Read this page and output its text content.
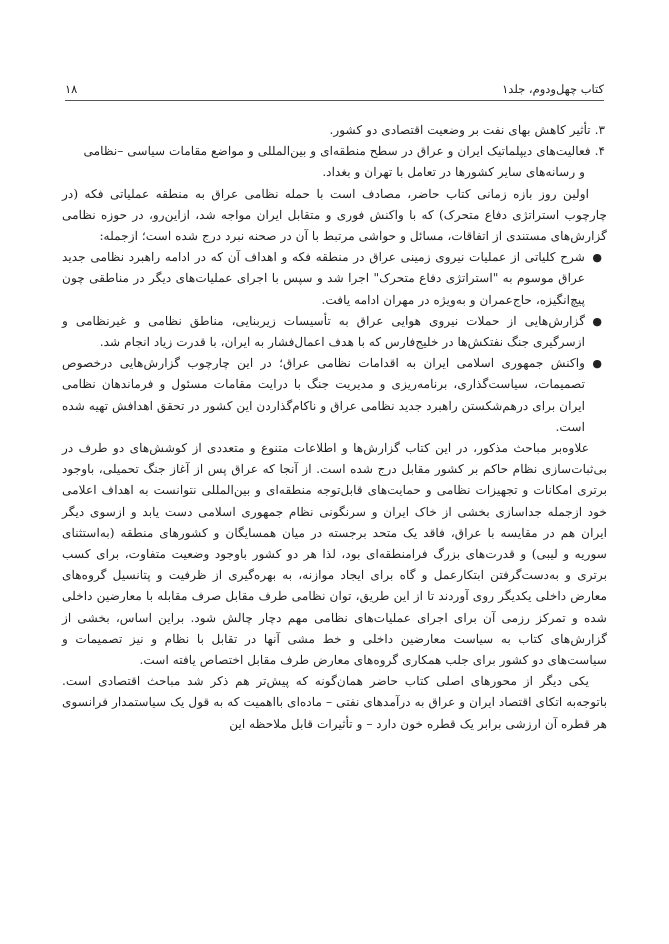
کتاب چهل‌ودوم، جلد۱
۱۸

۳. تأثیر کاهش بهای نفت بر وضعیت اقتصادی دو کشور.

۴. فعالیت‌های دیپلماتیک ایران و عراق در سطح منطقه‌ای و بین‌المللی و مواضع مقامات سیاسی –نظامی

و رسانه‌های سایر کشورها در تعامل با تهران و بغداد.

اولین روز بازه زمانی کتاب حاضر، مصادف است با حمله نظامی عراق به منطقه عملیاتی فکه (در چارچوب استراتژی دفاع متحرک) که با واکنش فوری و متقابل ایران مواجه شد، ازاین‌رو، در حوزه نظامی گزارش‌های مستندی از اتفاقات، مسائل و حواشی مرتبط با آن در صحنه نبرد درج شده است؛ ازجمله:

●
شرح کلیاتی از عملیات نیروی زمینی عراق در منطقه فکه و اهداف آن که در ادامه راهبرد نظامی جدید عراق موسوم به "استراتژی دفاع متحرک" اجرا شد و سپس با اجرای عملیات‌های دیگر در مناطقی چون پیچ‌انگیزه، حاج‌عمران و به‌ویژه در مهران ادامه یافت.
●
گزارش‌هایی از حملات نیروی هوایی عراق به تأسیسات زیربنایی، مناطق نظامی و غیرنظامی و ازسرگیری جنگ نفتکش‌ها در خلیج‌فارس که با هدف اعمال‌فشار به ایران، با قدرت زیاد انجام شد.
●
واکنش جمهوری اسلامی ایران به اقدامات نظامی عراق؛ در این چارچوب گزارش‌هایی درخصوص تصمیمات، سیاست‌گذاری، برنامه‌ریزی و مدیریت جنگ با درایت مقامات مسئول و فرماندهان نظامی ایران برای درهم‌شکستن راهبرد جدید نظامی عراق و ناکام‌گذاردن این کشور در تحقق اهدافش تهیه شده است.

علاوه‌بر مباحث مذکور، در این کتاب گزارش‌ها و اطلاعات متنوع و متعددی از کوشش‌های دو طرف در بی‌ثبات‌سازی نظام حاکم بر کشور مقابل درج شده است. از آنجا که عراق پس از آغاز جنگ تحمیلی، باوجود برتری امکانات و تجهیزات نظامی و حمایت‌های قابل‌توجه منطقه‌ای و بین‌المللی نتوانست به اهداف اعلامی خود ازجمله جداسازی بخشی از خاک ایران و سرنگونی نظام جمهوری اسلامی دست یابد و ازسوی دیگر ایران هم در مقایسه با عراق، فاقد یک متحد برجسته در میان همسایگان و کشورهای منطقه (به‌استثنای سوریه و لیبی) و قدرت‌های بزرگ فرامنطقه‌ای بود، لذا هر دو کشور باوجود وضعیت متفاوت، برای کسب برتری و به‌دست‌گرفتن ابتکارعمل و گاه برای ایجاد موازنه، به بهره‌گیری از ظرفیت و پتانسیل گروه‌های معارض داخلی یکدیگر روی آوردند تا از این طریق، توان نظامی طرف مقابل صرف مقابله با معارضین داخلی شده و تمرکز رزمی آن برای اجرای عملیات‌های نظامی مهم دچار چالش شود. براین اساس، بخشی از گزارش‌های کتاب به سیاست معارضین داخلی و خط مشی آنها در تقابل با نظام و نیز تصمیمات و سیاست‌های دو کشور برای جلب همکاری گروه‌های معارض طرف مقابل اختصاص یافته است.

یکی دیگر از محورهای اصلی کتاب حاضر همان‌گونه که پیش‌تر هم ذکر شد مباحث اقتصادی است. باتوجه‌به اتکای اقتصاد ایران و عراق به درآمدهای نفتی – ماده‌ای بااهمیت که به قول یک سیاستمدار فرانسوی هر قطره آن ارزشی برابر یک قطره خون دارد – و تأثیرات قابل ملاحظه این
